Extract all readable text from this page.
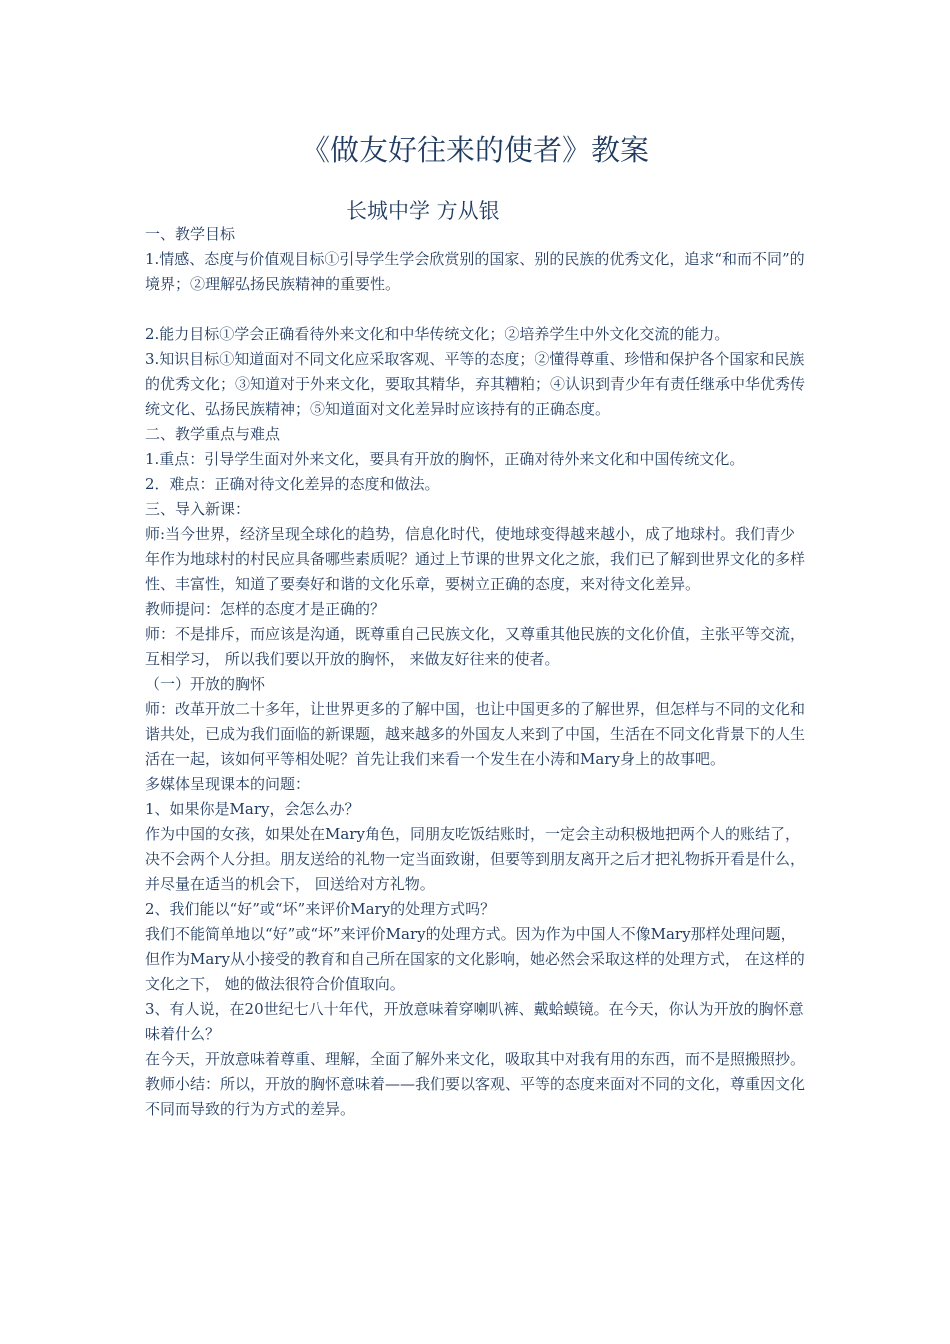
《做友好往来的使者》教案
长城中学 方从银

一、教学目标

1.情感、态度与价值观目标①引导学生学会欣赏别的国家、别的民族的优秀文化，追求“和而不同”的境界；②理解弘扬民族精神的重要性。

2.能力目标①学会正确看待外来文化和中华传统文化；②培养学生中外文化交流的能力。

3.知识目标①知道面对不同文化应采取客观、平等的态度；②懂得尊重、珍惜和保护各个国家和民族的优秀文化；③知道对于外来文化，要取其精华，弃其糟粕；④认识到青少年有责任继承中华优秀传统文化、弘扬民族精神；⑤知道面对文化差异时应该持有的正确态度。

二、教学重点与难点

1.重点：引导学生面对外来文化，要具有开放的胸怀，正确对待外来文化和中国传统文化。

2．难点：正确对待文化差异的态度和做法。

三、导入新课：

师:当今世界，经济呈现全球化的趋势，信息化时代，使地球变得越来越小，成了地球村。我们青少年作为地球村的村民应具备哪些素质呢？通过上节课的世界文化之旅，我们已了解到世界文化的多样性、丰富性，知道了要奏好和谐的文化乐章，要树立正确的态度，来对待文化差异。

教师提问：怎样的态度才是正确的？

师：不是排斥，而应该是沟通，既尊重自己民族文化，又尊重其他民族的文化价值，主张平等交流， 互相学习， 所以我们要以开放的胸怀， 来做友好往来的使者。

（一）开放的胸怀

师：改革开放二十多年，让世界更多的了解中国，也让中国更多的了解世界，但怎样与不同的文化和谐共处，已成为我们面临的新课题，越来越多的外国友人来到了中国，生活在不同文化背景下的人生活在一起，该如何平等相处呢？首先让我们来看一个发生在小涛和Mary身上的故事吧。

多媒体呈现课本的问题：

1、如果你是Mary，会怎么办？

作为中国的女孩，如果处在Mary角色，同朋友吃饭结账时，一定会主动积极地把两个人的账结了，决不会两个人分担。朋友送给的礼物一定当面致谢，但要等到朋友离开之后才把礼物拆开看是什么， 并尽量在适当的机会下， 回送给对方礼物。

2、我们能以“好”或“坏”来评价Mary的处理方式吗？

我们不能简单地以“好”或“坏”来评价Mary的处理方式。因为作为中国人不像Mary那样处理问题，但作为Mary从小接受的教育和自己所在国家的文化影响，她必然会采取这样的处理方式， 在这样的文化之下， 她的做法很符合价值取向。

3、有人说，在20世纪七八十年代，开放意味着穿喇叭裤、戴蛤蟆镜。在今天，你认为开放的胸怀意味着什么？

在今天，开放意味着尊重、理解，全面了解外来文化，吸取其中对我有用的东西，而不是照搬照抄。

教师小结：所以，开放的胸怀意味着——我们要以客观、平等的态度来面对不同的文化，尊重因文化不同而导致的行为方式的差异。
